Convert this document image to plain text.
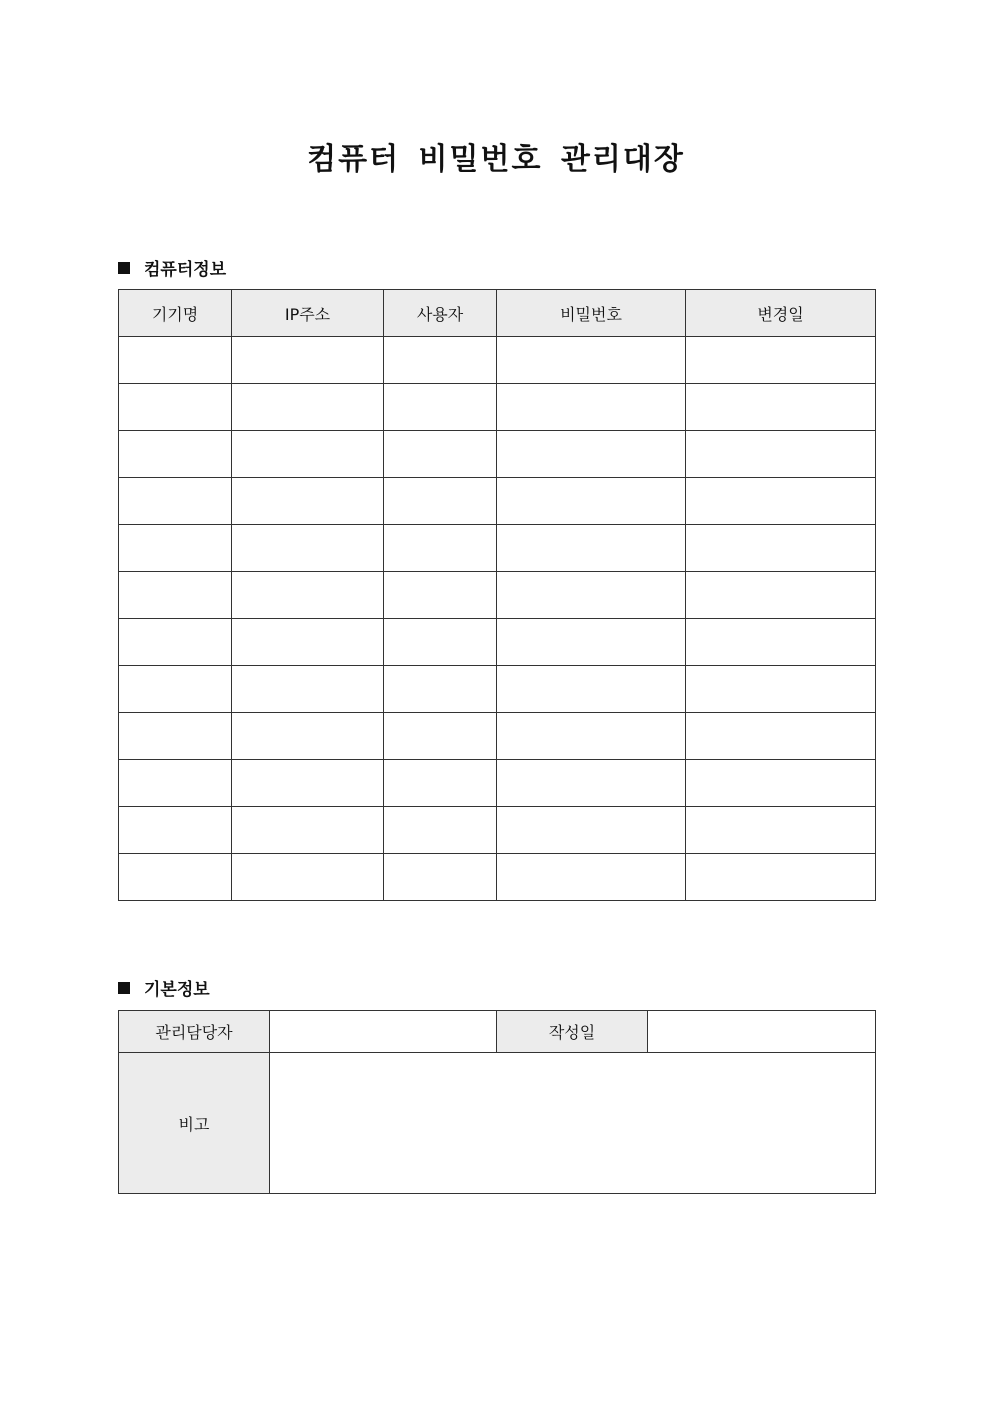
컴퓨터 비밀번호 관리대장
컴퓨터정보
기기명	IP주소	사용자	비밀번호	변경일

기본정보
관리담당자		작성일	
비고			
